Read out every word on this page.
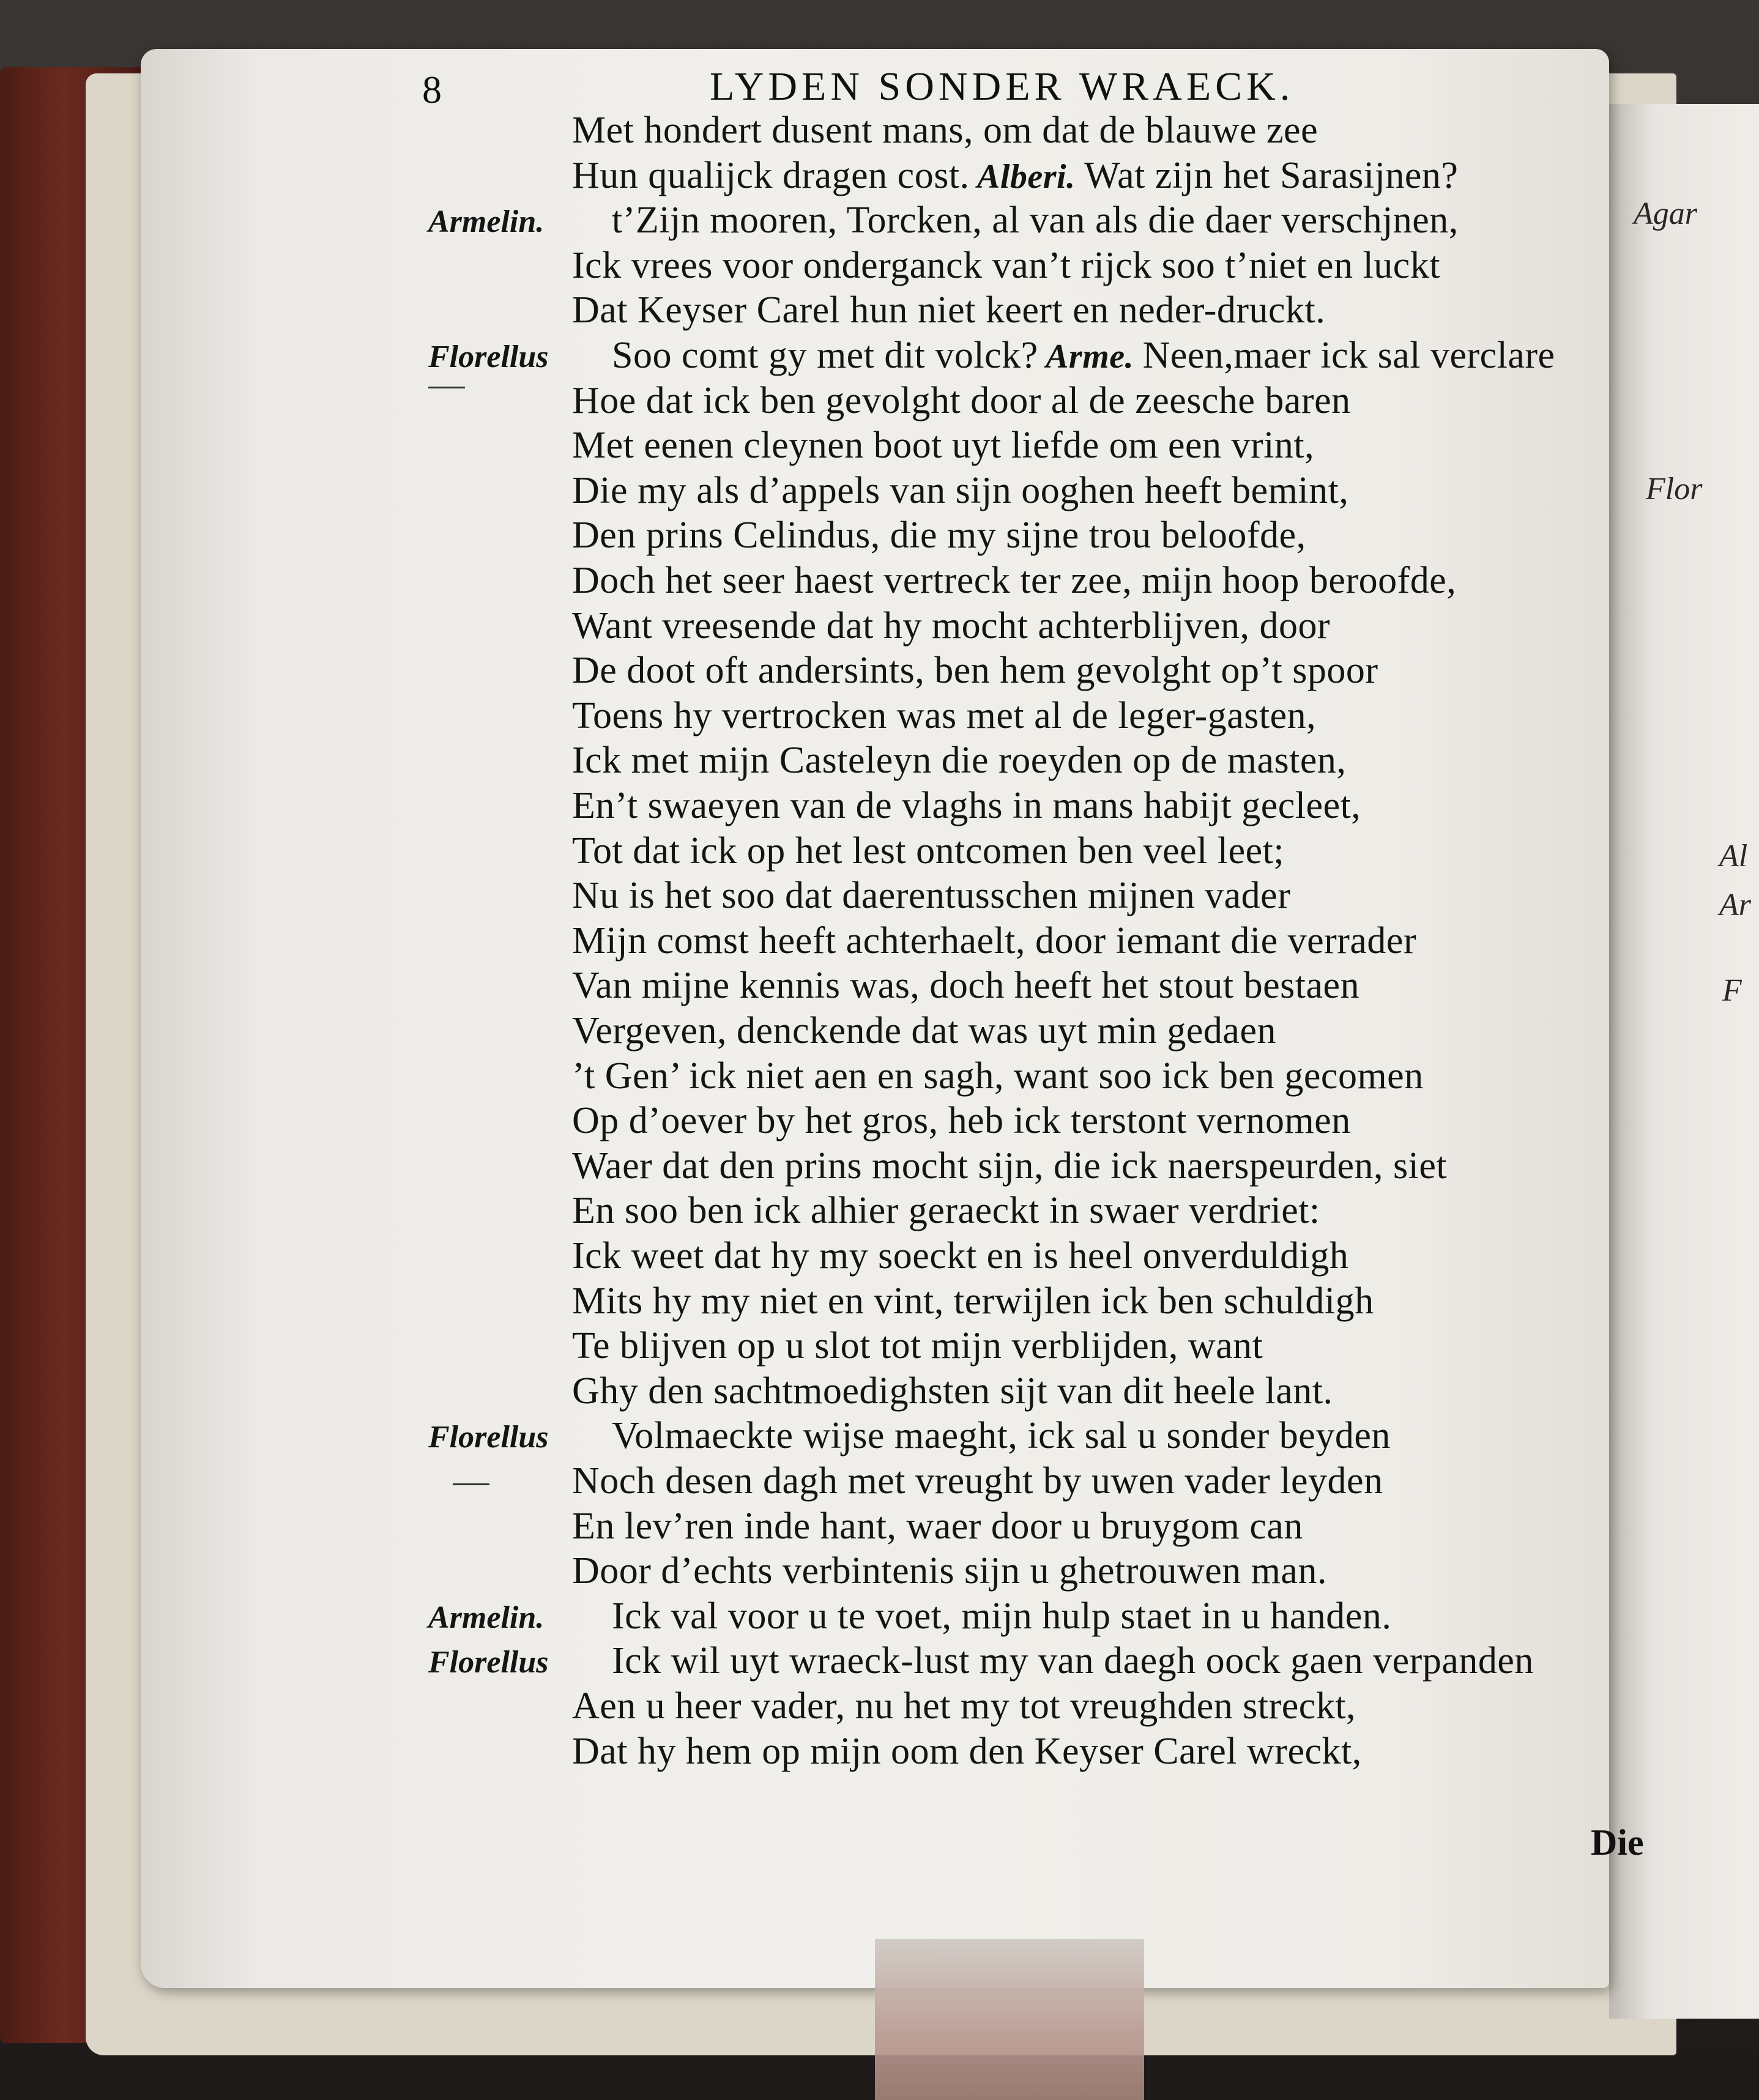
Agar
Flor
Al
Ar
F
8	LYDEN SONDER WRAECK.
Met hondert dusent mans, om dat de blauwe zee
Hun qualijck dragen cost. Alberi. Wat zijn het Sarasijnen?
Armelin. t’Zijn mooren, Torcken, al van als die daer verschjnen,
Ick vrees voor onderganck van’t rijck soo t’niet en luckt
Dat Keyser Carel hun niet keert en neder-druckt.
Florellus Soo comt gy met dit volck? Arme. Neen,maer ick sal verclare
Hoe dat ick ben gevolght door al de zeesche baren
Met eenen cleynen boot uyt liefde om een vrint,
Die my als d’appels van sijn ooghen heeft bemint,
Den prins Celindus, die my sijne trou beloofde,
Doch het seer haest vertreck ter zee, mijn hoop beroofde,
Want vreesende dat hy mocht achterblijven, door
De doot oft andersints, ben hem gevolght op’t spoor
Toens hy vertrocken was met al de leger-gasten,
Ick met mijn Casteleyn die roeyden op de masten,
En’t swaeyen van de vlaghs in mans habijt gecleet,
Tot dat ick op het lest ontcomen ben veel leet;
Nu is het soo dat daerentusschen mijnen vader
Mijn comst heeft achterhaelt, door iemant die verrader
Van mijne kennis was, doch heeft het stout bestaen
Vergeven, denckende dat was uyt min gedaen
’t Gen’ ick niet aen en sagh, want soo ick ben gecomen
Op d’oever by het gros, heb ick terstont vernomen
Waer dat den prins mocht sijn, die ick naerspeurden, siet
En soo ben ick alhier geraeckt in swaer verdriet:
Ick weet dat hy my soeckt en is heel onverduldigh
Mits hy my niet en vint, terwijlen ick ben schuldigh
Te blijven op u slot tot mijn verblijden, want
Ghy den sachtmoedighsten sijt van dit heele lant.
Florellus Volmaeckte wijse maeght, ick sal u sonder beyden
Noch desen dagh met vreught by uwen vader leyden
En lev’ren inde hant, waer door u bruygom can
Door d’echts verbintenis sijn u ghetrouwen man.
Armelin. Ick val voor u te voet, mijn hulp staet in u handen.
Florellus Ick wil uyt wraeck-lust my van daegh oock gaen verpanden
Aen u heer vader, nu het my tot vreughden streckt,
Dat hy hem op mijn oom den Keyser Carel wreckt,
Die
